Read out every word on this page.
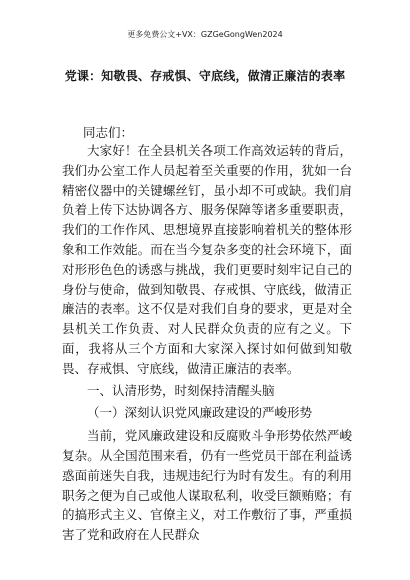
更多免费公文+VX：GZGeGongWen2024
党课：知敬畏、存戒惧、守底线，做清正廉洁的表率
同志们：

大家好！在全县机关各项工作高效运转的背后，我们办公室工作人员起着至关重要的作用，犹如一台精密仪器中的关键螺丝钉，虽小却不可或缺。我们肩负着上传下达协调各方、服务保障等诸多重要职责，我们的工作作风、思想境界直接影响着机关的整体形象和工作效能。而在当今复杂多变的社会环境下，面对形形色色的诱惑与挑战，我们更要时刻牢记自己的身份与使命，做到知敬畏、存戒惧、守底线，做清正廉洁的表率。这不仅是对我们自身的要求，更是对全县机关工作负责、对人民群众负责的应有之义。下面，我将从三个方面和大家深入探讨如何做到知敬畏、存戒惧、守底线，做清正廉洁的表率。

一、认清形势，时刻保持清醒头脑

（一）深刻认识党风廉政建设的严峻形势

当前，党风廉政建设和反腐败斗争形势依然严峻复杂。从全国范围来看，仍有一些党员干部在利益诱惑面前迷失自我，违规违纪行为时有发生。有的利用职务之便为自己或他人谋取私利，收受巨额贿赂；有的搞形式主义、官僚主义，对工作敷衍了事，严重损害了党和政府在人民群众
